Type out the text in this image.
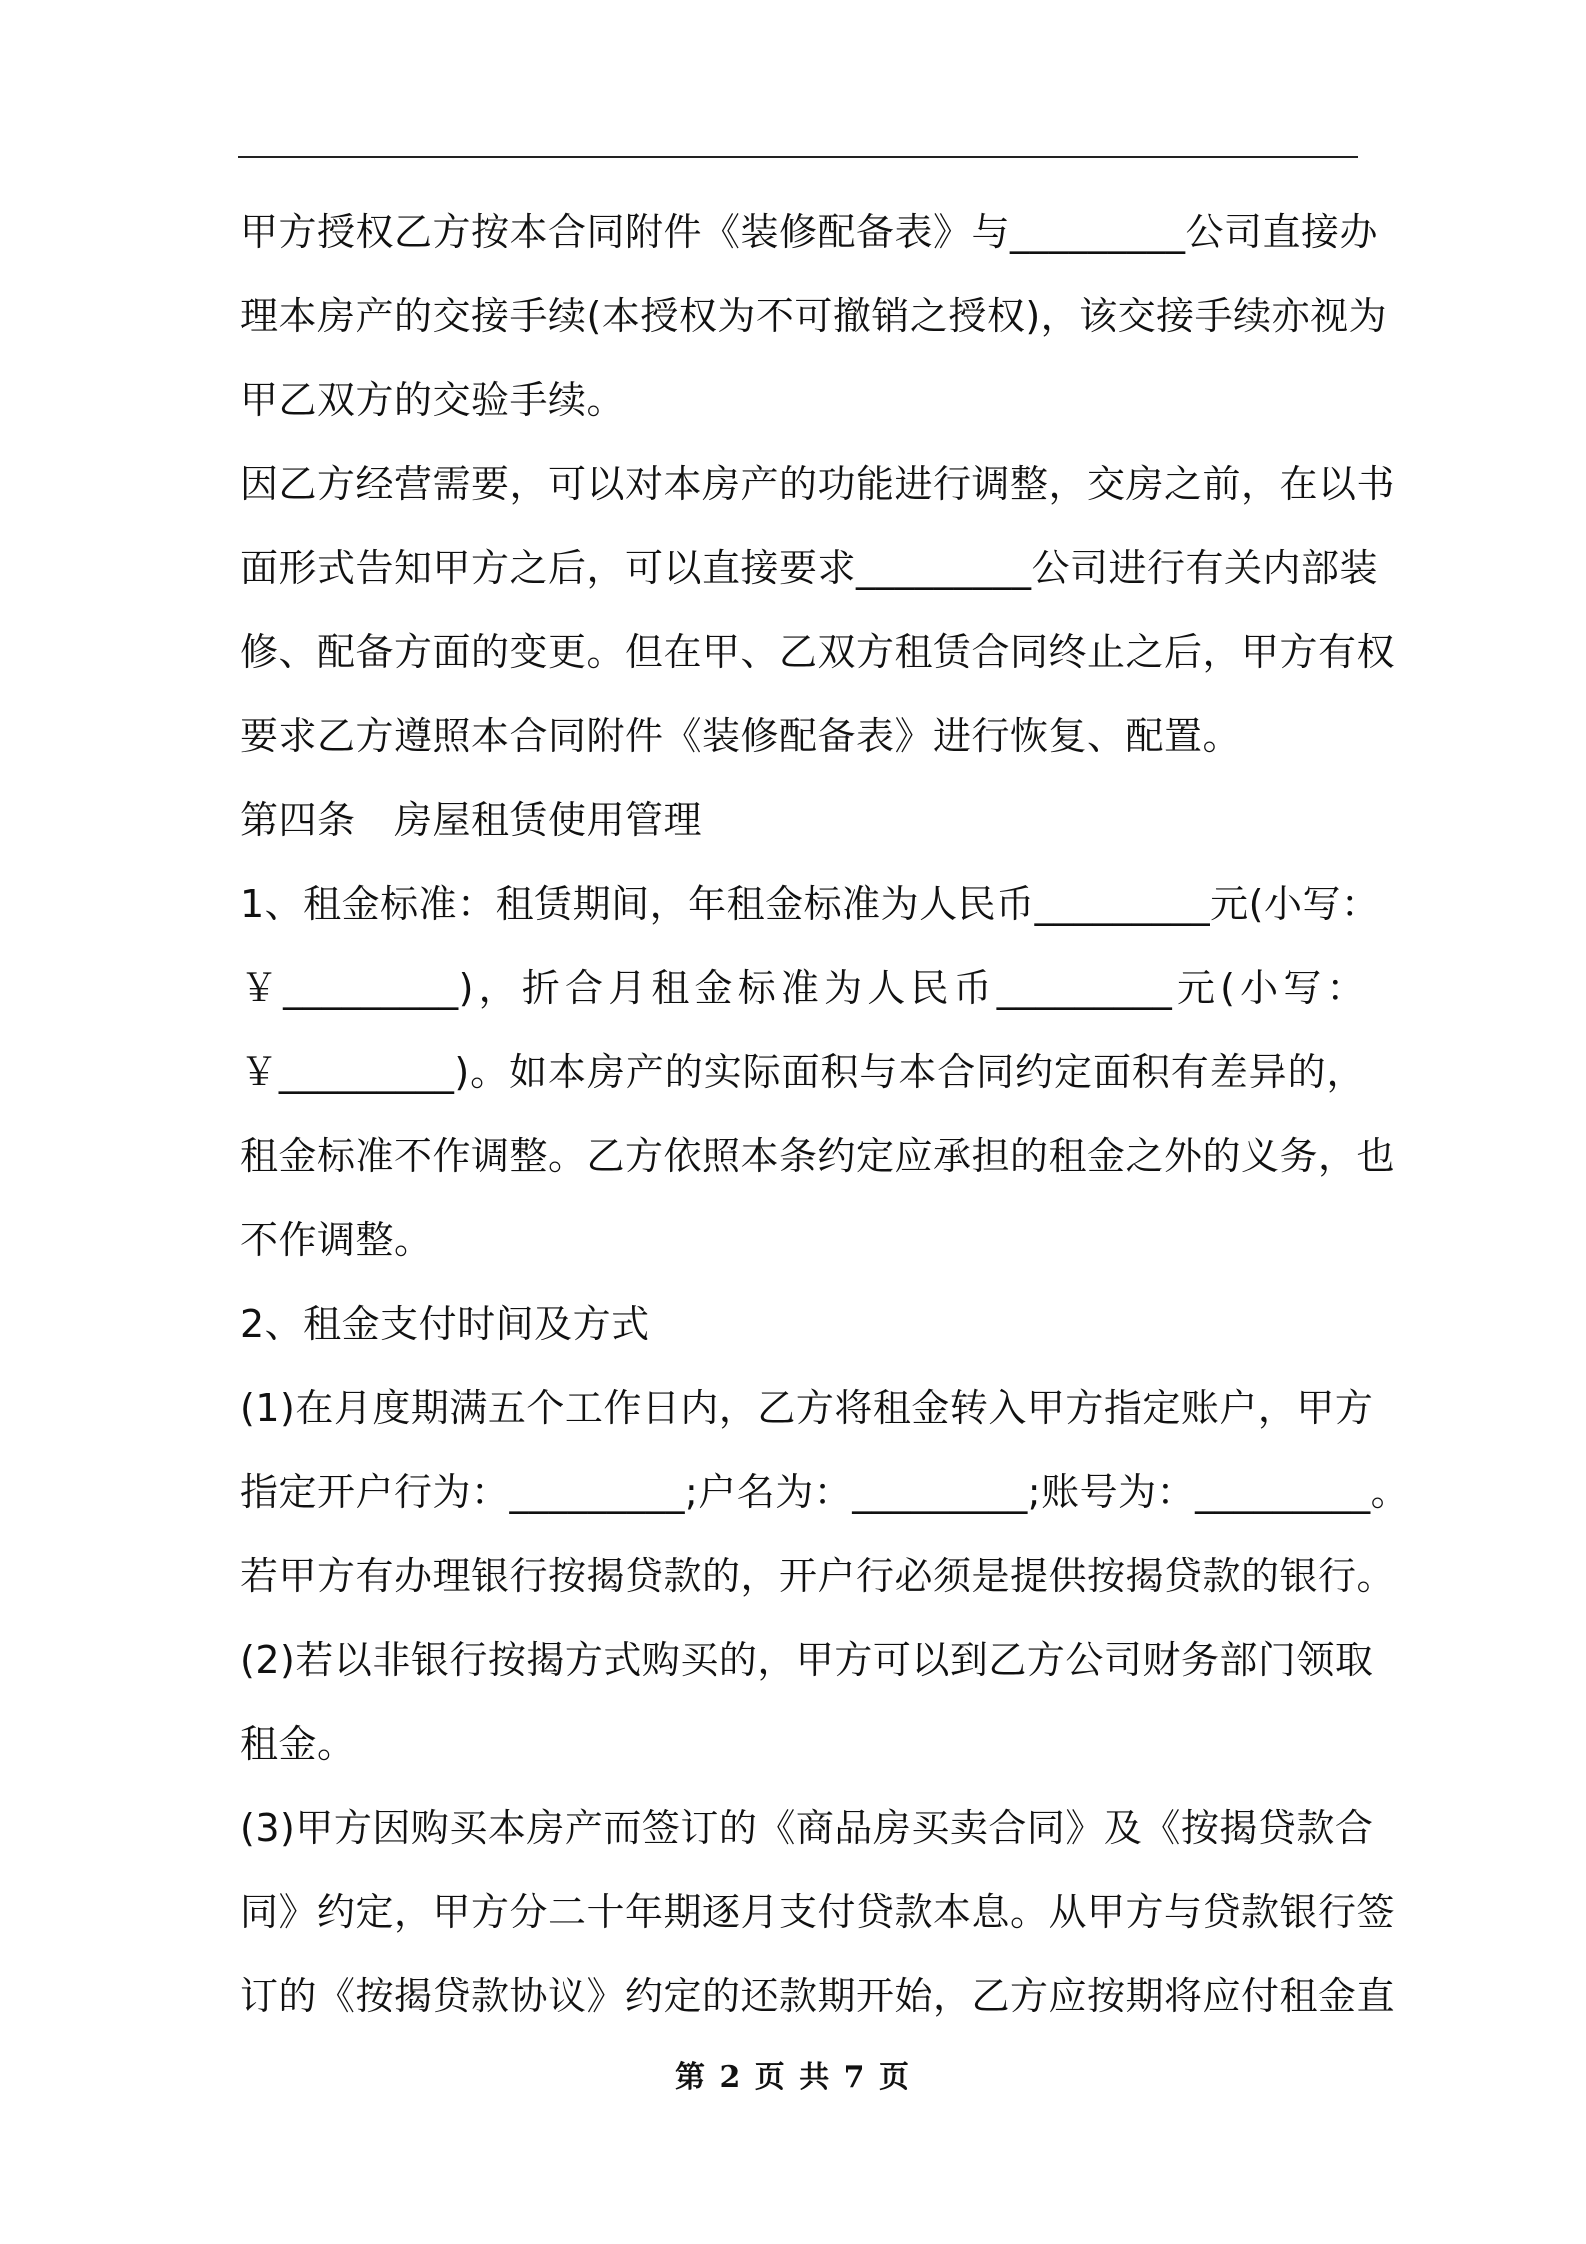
甲方授权乙方按本合同附件《装修配备表》与_________公司直接办
理本房产的交接手续(本授权为不可撤销之授权)，该交接手续亦视为
甲乙双方的交验手续。
因乙方经营需要，可以对本房产的功能进行调整，交房之前，在以书
面形式告知甲方之后，可以直接要求_________公司进行有关内部装
修、配备方面的变更。但在甲、乙双方租赁合同终止之后，甲方有权
要求乙方遵照本合同附件《装修配备表》进行恢复、配置。
第四条　房屋租赁使用管理
1、租金标准：租赁期间，年租金标准为人民币_________元(小写：
￥_________)，折合月租金标准为人民币_________元(小写：
￥_________)。如本房产的实际面积与本合同约定面积有差异的，
租金标准不作调整。乙方依照本条约定应承担的租金之外的义务，也
不作调整。
2、租金支付时间及方式
(1)在月度期满五个工作日内，乙方将租金转入甲方指定账户，甲方
指定开户行为：_________;户名为：_________;账号为：_________。
若甲方有办理银行按揭贷款的，开户行必须是提供按揭贷款的银行。
(2)若以非银行按揭方式购买的，甲方可以到乙方公司财务部门领取
租金。
(3)甲方因购买本房产而签订的《商品房买卖合同》及《按揭贷款合
同》约定，甲方分二十年期逐月支付贷款本息。从甲方与贷款银行签
订的《按揭贷款协议》约定的还款期开始，乙方应按期将应付租金直
第 2 页 共 7 页
